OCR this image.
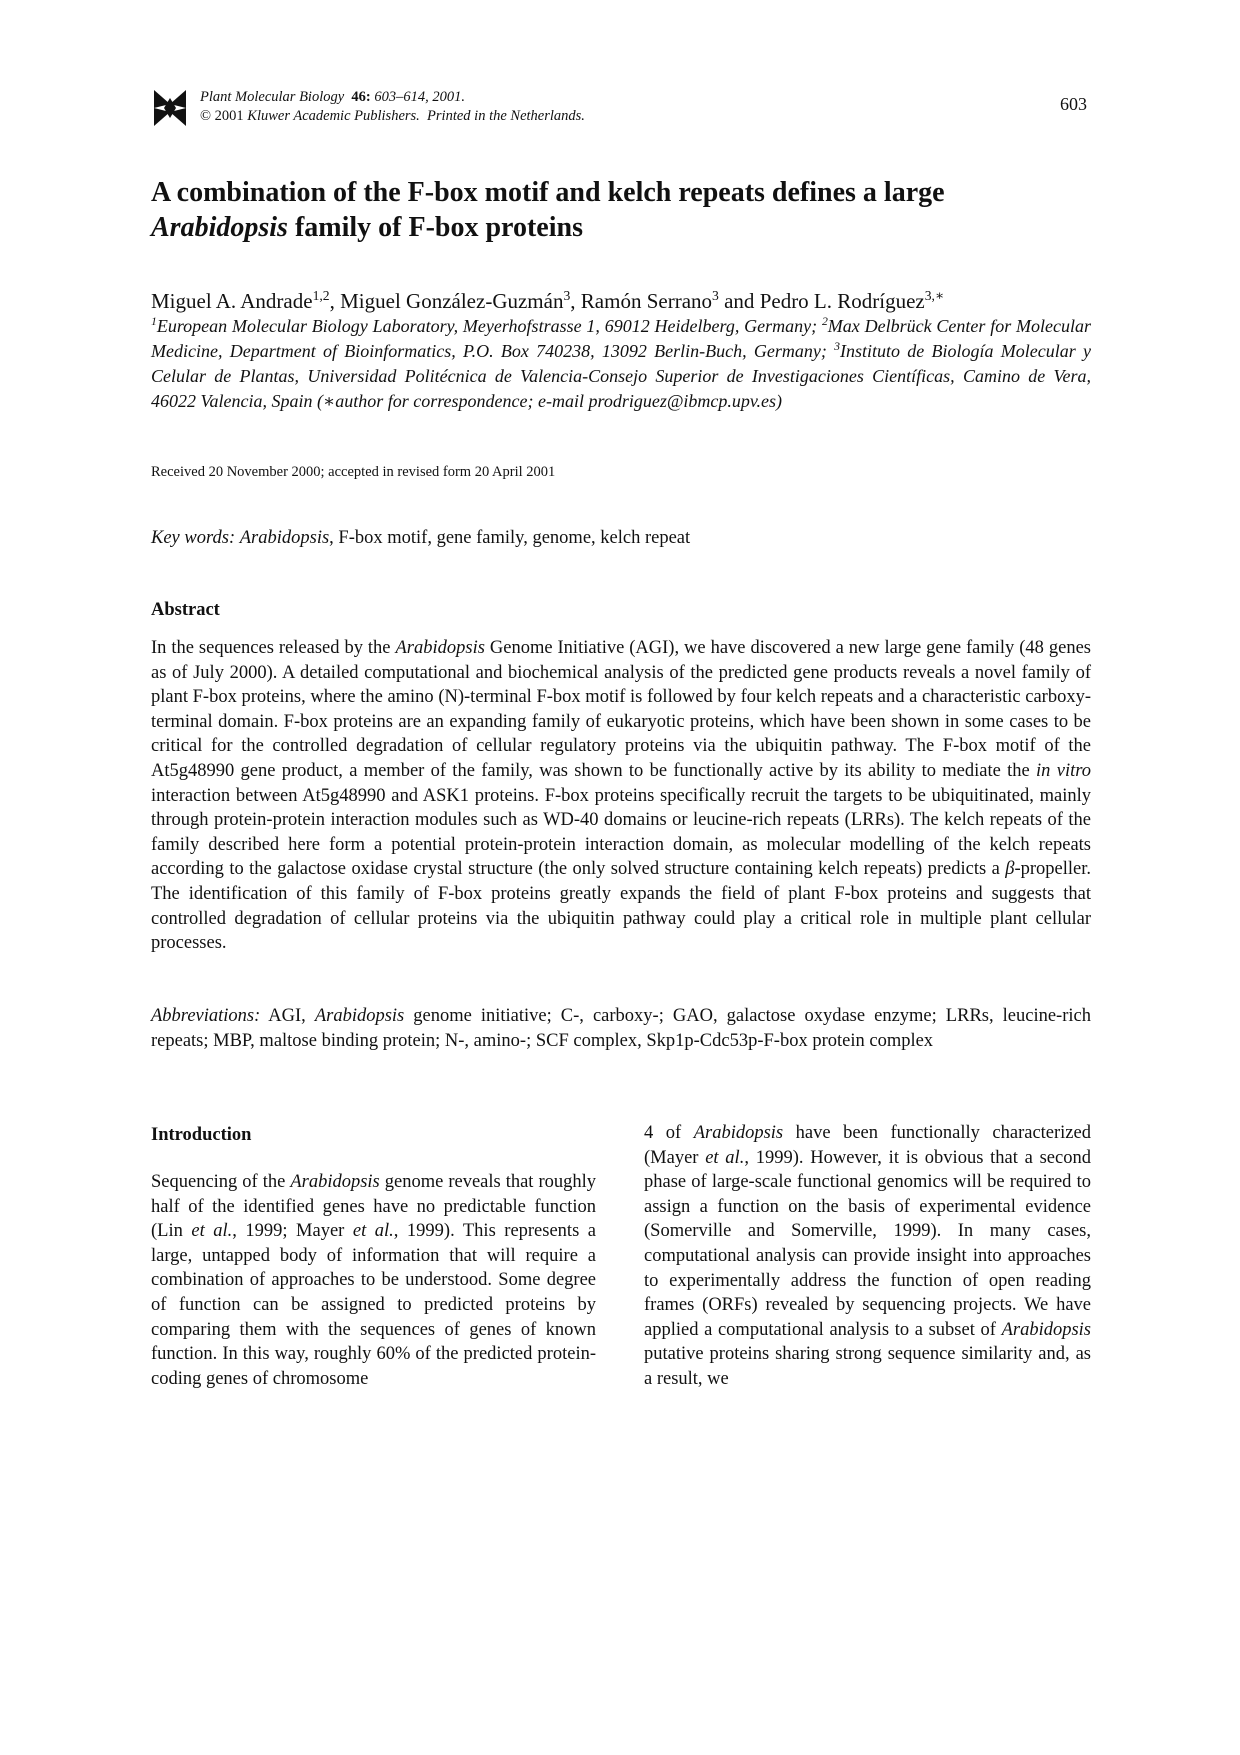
Plant Molecular Biology 46: 603–614, 2001.
© 2001 Kluwer Academic Publishers. Printed in the Netherlands.
603
A combination of the F-box motif and kelch repeats defines a large
Arabidopsis family of F-box proteins
Miguel A. Andrade$^{1,2}$, Miguel González-Guzmán$^3$, Ramón Serrano$^3$ and Pedro L. Rodríguez$^{3,∗}$
$^1$European Molecular Biology Laboratory, Meyerhofstrasse 1, 69012 Heidelberg, Germany; $^2$Max Delbrück Center for Molecular Medicine, Department of Bioinformatics, P.O. Box 740238, 13092 Berlin-Buch, Germany; $^3$Instituto de Biología Molecular y Celular de Plantas, Universidad Politécnica de Valencia-Consejo Superior de Investigaciones Científicas, Camino de Vera, 46022 Valencia, Spain (∗author for correspondence; e-mail prodriguez@ibmcp.upv.es)
Received 20 November 2000; accepted in revised form 20 April 2001
Key words: Arabidopsis, F-box motif, gene family, genome, kelch repeat
Abstract
In the sequences released by the Arabidopsis Genome Initiative (AGI), we have discovered a new large gene family (48 genes as of July 2000). A detailed computational and biochemical analysis of the predicted gene products reveals a novel family of plant F-box proteins, where the amino (N)-terminal F-box motif is followed by four kelch repeats and a characteristic carboxy-terminal domain. F-box proteins are an expanding family of eukaryotic proteins, which have been shown in some cases to be critical for the controlled degradation of cellular regulatory proteins via the ubiquitin pathway. The F-box motif of the At5g48990 gene product, a member of the family, was shown to be functionally active by its ability to mediate the in vitro interaction between At5g48990 and ASK1 proteins. F-box proteins specifically recruit the targets to be ubiquitinated, mainly through protein-protein interaction modules such as WD-40 domains or leucine-rich repeats (LRRs). The kelch repeats of the family described here form a potential protein-protein interaction domain, as molecular modelling of the kelch repeats according to the galactose oxidase crystal structure (the only solved structure containing kelch repeats) predicts a β-propeller. The identification of this family of F-box proteins greatly expands the field of plant F-box proteins and suggests that controlled degradation of cellular proteins via the ubiquitin pathway could play a critical role in multiple plant cellular processes.
Abbreviations: AGI, Arabidopsis genome initiative; C-, carboxy-; GAO, galactose oxydase enzyme; LRRs, leucine-rich repeats; MBP, maltose binding protein; N-, amino-; SCF complex, Skp1p-Cdc53p-F-box protein complex
Introduction
Sequencing of the Arabidopsis genome reveals that roughly half of the identified genes have no predictable function (Lin et al., 1999; Mayer et al., 1999). This represents a large, untapped body of information that will require a combination of approaches to be understood. Some degree of function can be assigned to predicted proteins by comparing them with the sequences of genes of known function. In this way, roughly 60% of the predicted protein-coding genes of chromosome
4 of Arabidopsis have been functionally characterized (Mayer et al., 1999). However, it is obvious that a second phase of large-scale functional genomics will be required to assign a function on the basis of experimental evidence (Somerville and Somerville, 1999). In many cases, computational analysis can provide insight into approaches to experimentally address the function of open reading frames (ORFs) revealed by sequencing projects. We have applied a computational analysis to a subset of Arabidopsis putative proteins sharing strong sequence similarity and, as a result, we
